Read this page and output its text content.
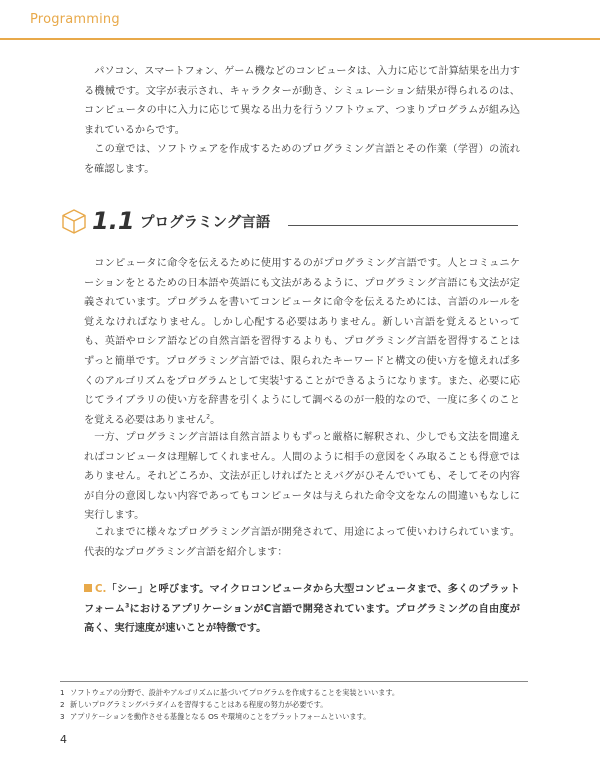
Programming

パソコン、スマートフォン、ゲーム機などのコンピュータは、入力に応じて計算結果を出力する機械です。文字が表示され、キャラクターが動き、シミュレーション結果が得られるのは、コンピュータの中に入力に応じて異なる出力を行うソフトウェア、つまりプログラムが組み込まれているからです。

この章では、ソフトウェアを作成するためのプログラミング言語とその作業（学習）の流れを確認します。

1.1 プログラミング言語

コンピュータに命令を伝えるために使用するのがプログラミング言語です。人とコミュニケーションをとるための日本語や英語にも文法があるように、プログラミング言語にも文法が定義されています。プログラムを書いてコンピュータに命令を伝えるためには、言語のルールを覚えなければなりません。しかし心配する必要はありません。新しい言語を覚えるといっても、英語やロシア語などの自然言語を習得するよりも、プログラミング言語を習得することはずっと簡単です。プログラミング言語では、限られたキーワードと構文の使い方を憶えれば多くのアルゴリズムをプログラムとして実装$^1$することができるようになります。また、必要に応じてライブラリの使い方を辞書を引くようにして調べるのが一般的なので、一度に多くのことを覚える必要はありません$^2$。

一方、プログラミング言語は自然言語よりもずっと厳格に解釈され、少しでも文法を間違えればコンピュータは理解してくれません。人間のように相手の意図をくみ取ることも得意ではありません。それどころか、文法が正しければたとえバグがひそんでいても、そしてその内容が自分の意図しない内容であってもコンピュータは与えられた命令文をなんの間違いもなしに実行します。

これまでに様々なプログラミング言語が開発されて、用途によって使いわけられています。代表的なプログラミング言語を紹介します：

C.「シー」と呼びます。マイクロコンピュータから大型コンピュータまで、多くのプラットフォーム$^3$におけるアプリケーションがC言語で開発されています。プログラミングの自由度が高く、実行速度が速いことが特徴です。
1 ソフトウェアの分野で、設計やアルゴリズムに基づいてプログラムを作成することを実装といいます。
2 新しいプログラミングパラダイムを習得することはある程度の努力が必要です。
3 アプリケーションを動作させる基盤となる OS や環境のことをプラットフォームといいます。
4
